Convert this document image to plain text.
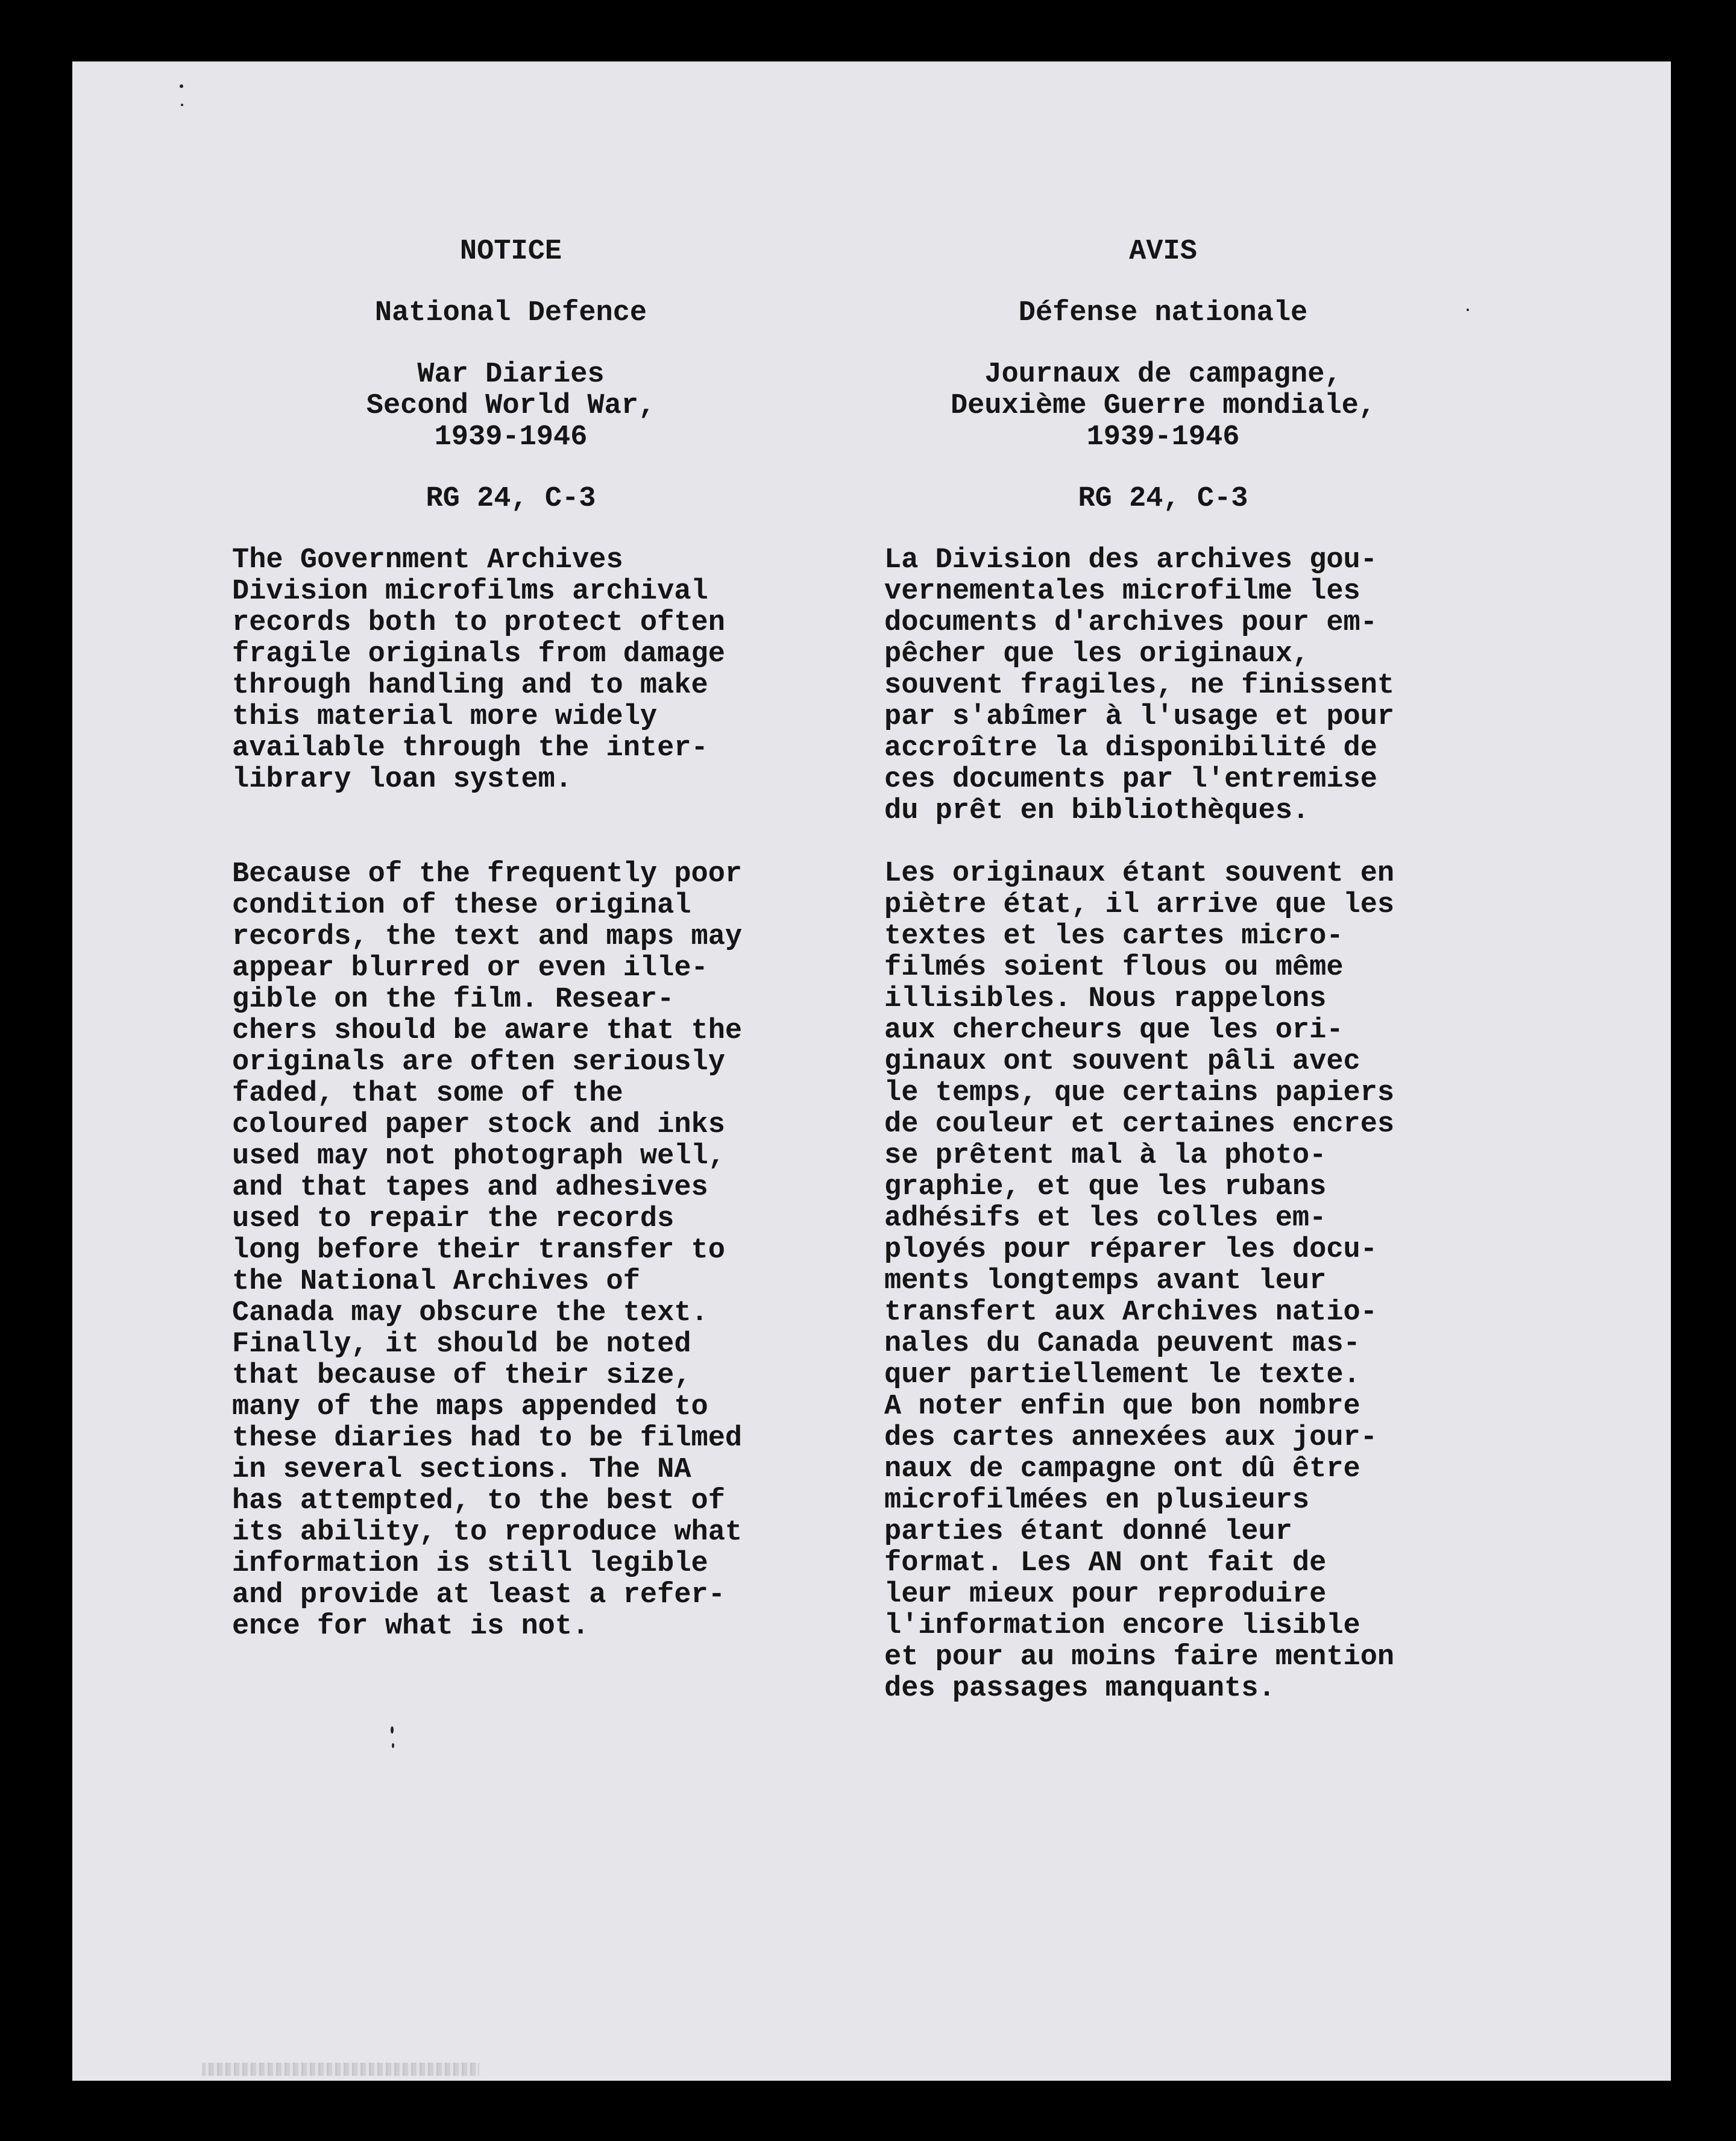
NOTICE
National Defence
War Diaries
Second World War,
1939-1946
RG 24, C-3

The Government Archives
Division microfilms archival
records both to protect often
fragile originals from damage
through handling and to make
this material more widely
available through the inter-
library loan system.

Because of the frequently poor
condition of these original
records, the text and maps may
appear blurred or even ille-
gible on the film. Resear-
chers should be aware that the
originals are often seriously
faded, that some of the
coloured paper stock and inks
used may not photograph well,
and that tapes and adhesives
used to repair the records
long before their transfer to
the National Archives of
Canada may obscure the text.
Finally, it should be noted
that because of their size,
many of the maps appended to
these diaries had to be filmed
in several sections. The NA
has attempted, to the best of
its ability, to reproduce what
information is still legible
and provide at least a refer-
ence for what is not.

AVIS
Défense nationale
Journaux de campagne,
Deuxième Guerre mondiale,
1939-1946
RG 24, C-3

La Division des archives gou-
vernementales microfilme les
documents d'archives pour em-
pêcher que les originaux,
souvent fragiles, ne finissent
par s'abîmer à l'usage et pour
accroître la disponibilité de
ces documents par l'entremise
du prêt en bibliothèques.

Les originaux étant souvent en
piètre état, il arrive que les
textes et les cartes micro-
filmés soient flous ou même
illisibles. Nous rappelons
aux chercheurs que les ori-
ginaux ont souvent pâli avec
le temps, que certains papiers
de couleur et certaines encres
se prêtent mal à la photo-
graphie, et que les rubans
adhésifs et les colles em-
ployés pour réparer les docu-
ments longtemps avant leur
transfert aux Archives natio-
nales du Canada peuvent mas-
quer partiellement le texte.
A noter enfin que bon nombre
des cartes annexées aux jour-
naux de campagne ont dû être
microfilmées en plusieurs
parties étant donné leur
format. Les AN ont fait de
leur mieux pour reproduire
l'information encore lisible
et pour au moins faire mention
des passages manquants.
